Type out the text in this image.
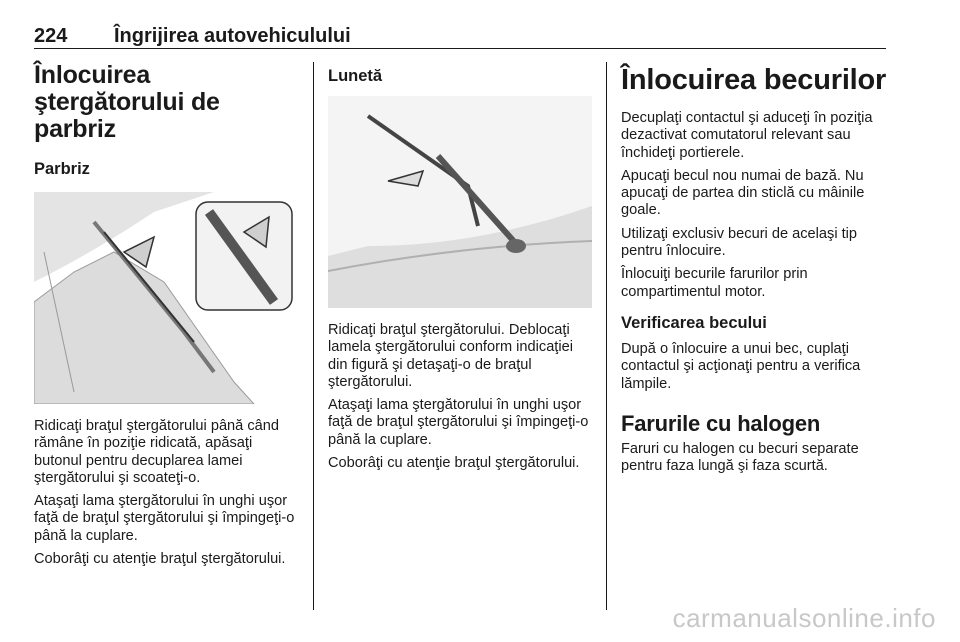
224 Îngrijirea autovehiculului
Înlocuirea ştergătorului de parbriz
Parbriz

Ridicaţi braţul ştergătorului până când rămâne în poziţie ridicată, apăsaţi butonul pentru decuplarea lamei ştergătorului şi scoateţi-o.

Ataşaţi lama ştergătorului în unghi uşor faţă de braţul ştergătorului şi împingeţi-o până la cuplare.

Coborâţi cu atenţie braţul ştergătorului.

Lunetă

Ridicaţi braţul ştergătorului. Deblocaţi lamela ştergătorului conform indicaţiei din figură şi detaşaţi-o de braţul ştergătorului.

Ataşaţi lama ştergătorului în unghi uşor faţă de braţul ştergătorului şi împingeţi-o până la cuplare.

Coborâţi cu atenţie braţul ştergătorului.

Înlocuirea becurilor

Decuplaţi contactul şi aduceţi în poziţia dezactivat comutatorul relevant sau închideţi portierele.

Apucaţi becul nou numai de bază. Nu apucaţi de partea din sticlă cu mâinile goale.

Utilizaţi exclusiv becuri de acelaşi tip pentru înlocuire.

Înlocuiţi becurile farurilor prin compartimentul motor.

Verificarea becului

După o înlocuire a unui bec, cuplaţi contactul şi acţionaţi pentru a verifica lămpile.

Farurile cu halogen

Faruri cu halogen cu becuri separate pentru faza lungă şi faza scurtă.

carmanualsonline.info
